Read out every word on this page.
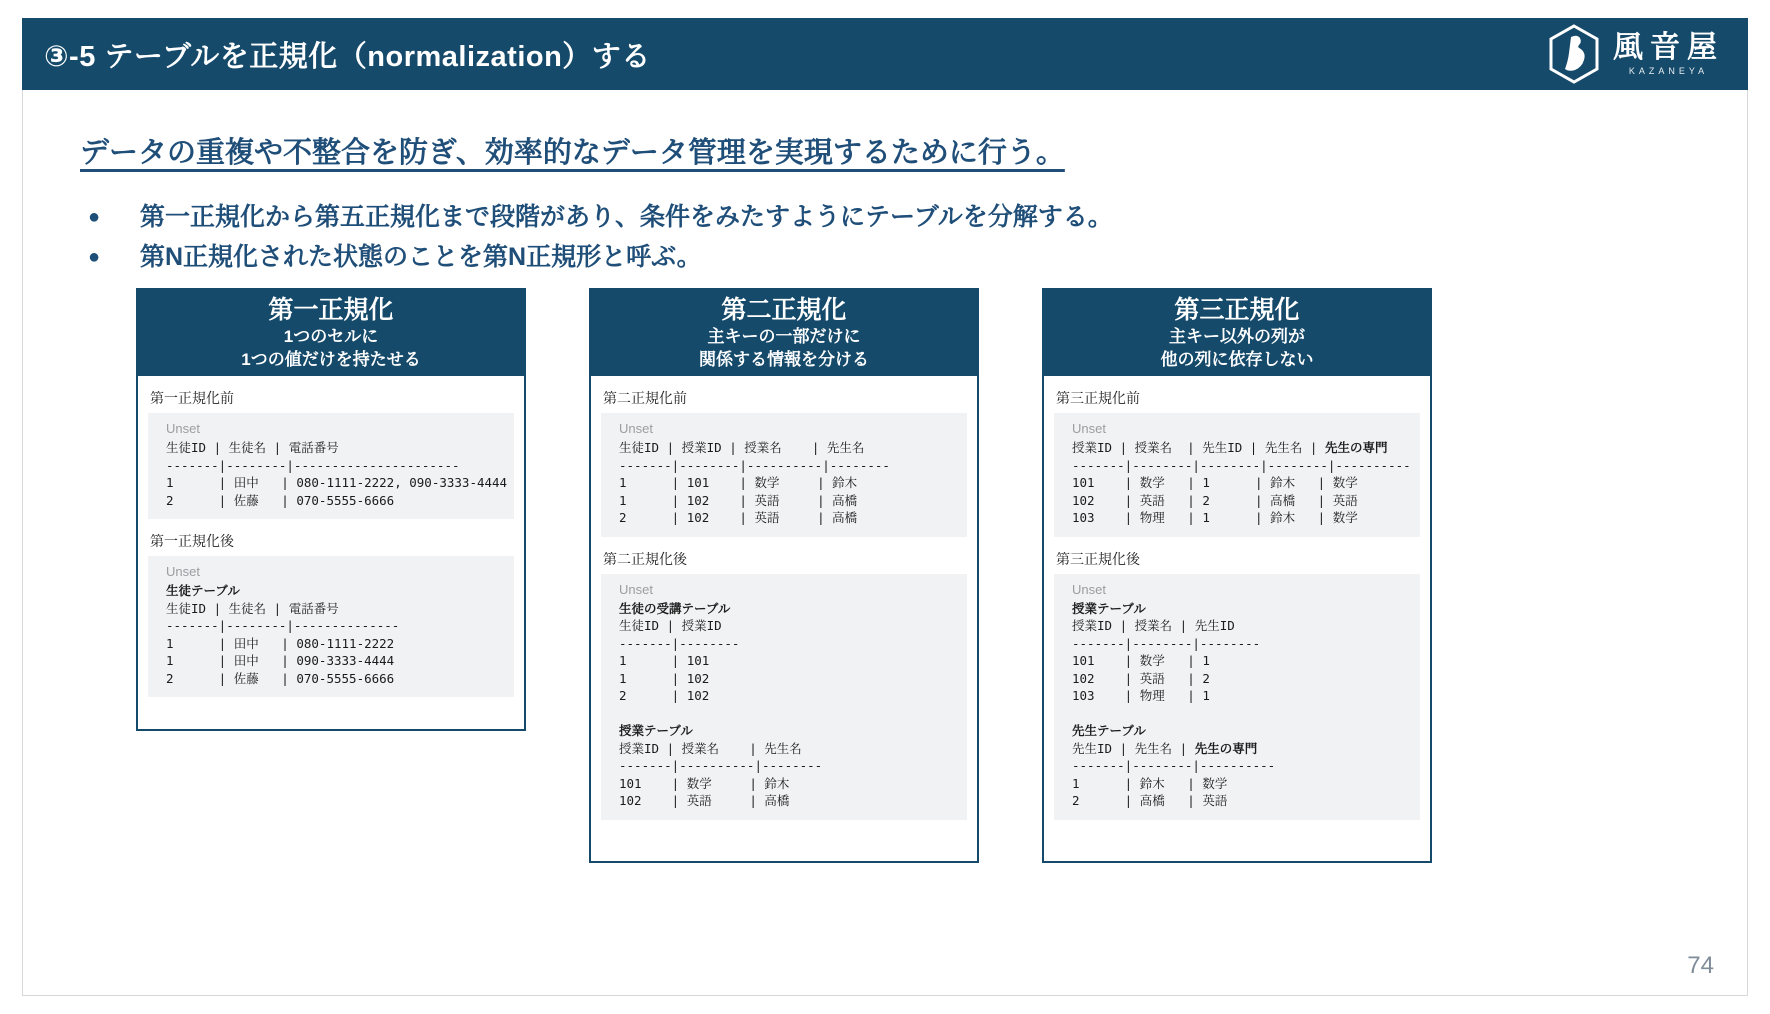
③-5 テーブルを正規化（normalization）する	風音屋
KAZANEYA
データの重複や不整合を防ぎ、効率的なデータ管理を実現するために行う。
●	第一正規化から第五正規化まで段階があり、条件をみたすようにテーブルを分解する。
●	第N正規化された状態のことを第N正規形と呼ぶ。
第一正規化
1つのセルに
1つの値だけを持たせる
第一正規化前
Unset
生徒ID | 生徒名 | 電話番号
-------|--------|----------------------
1      | 田中   | 080-1111-2222, 090-3333-4444
2      | 佐藤   | 070-5555-6666
第一正規化後
Unset
生徒テーブル
生徒ID | 生徒名 | 電話番号
-------|--------|--------------
1      | 田中   | 080-1111-2222
1      | 田中   | 090-3333-4444
2      | 佐藤   | 070-5555-6666
第二正規化
主キーの一部だけに
関係する情報を分ける
第二正規化前
Unset
生徒ID | 授業ID | 授業名    | 先生名
-------|--------|----------|--------
1      | 101    | 数学     | 鈴木
1      | 102    | 英語     | 高橋
2      | 102    | 英語     | 高橋
第二正規化後
Unset
生徒の受講テーブル
生徒ID | 授業ID
-------|--------
1      | 101
1      | 102
2      | 102

授業テーブル
授業ID | 授業名    | 先生名
-------|----------|--------
101    | 数学     | 鈴木
102    | 英語     | 高橋
第三正規化
主キー以外の列が
他の列に依存しない
第三正規化前
Unset
授業ID | 授業名  | 先生ID | 先生名 | 先生の専門
-------|--------|--------|--------|----------
101    | 数学   | 1      | 鈴木   | 数学
102    | 英語   | 2      | 高橋   | 英語
103    | 物理   | 1      | 鈴木   | 数学
第三正規化後
Unset
授業テーブル
授業ID | 授業名 | 先生ID
-------|--------|--------
101    | 数学   | 1
102    | 英語   | 2
103    | 物理   | 1

先生テーブル
先生ID | 先生名 | 先生の専門
-------|--------|----------
1      | 鈴木   | 数学
2      | 高橋   | 英語
74
